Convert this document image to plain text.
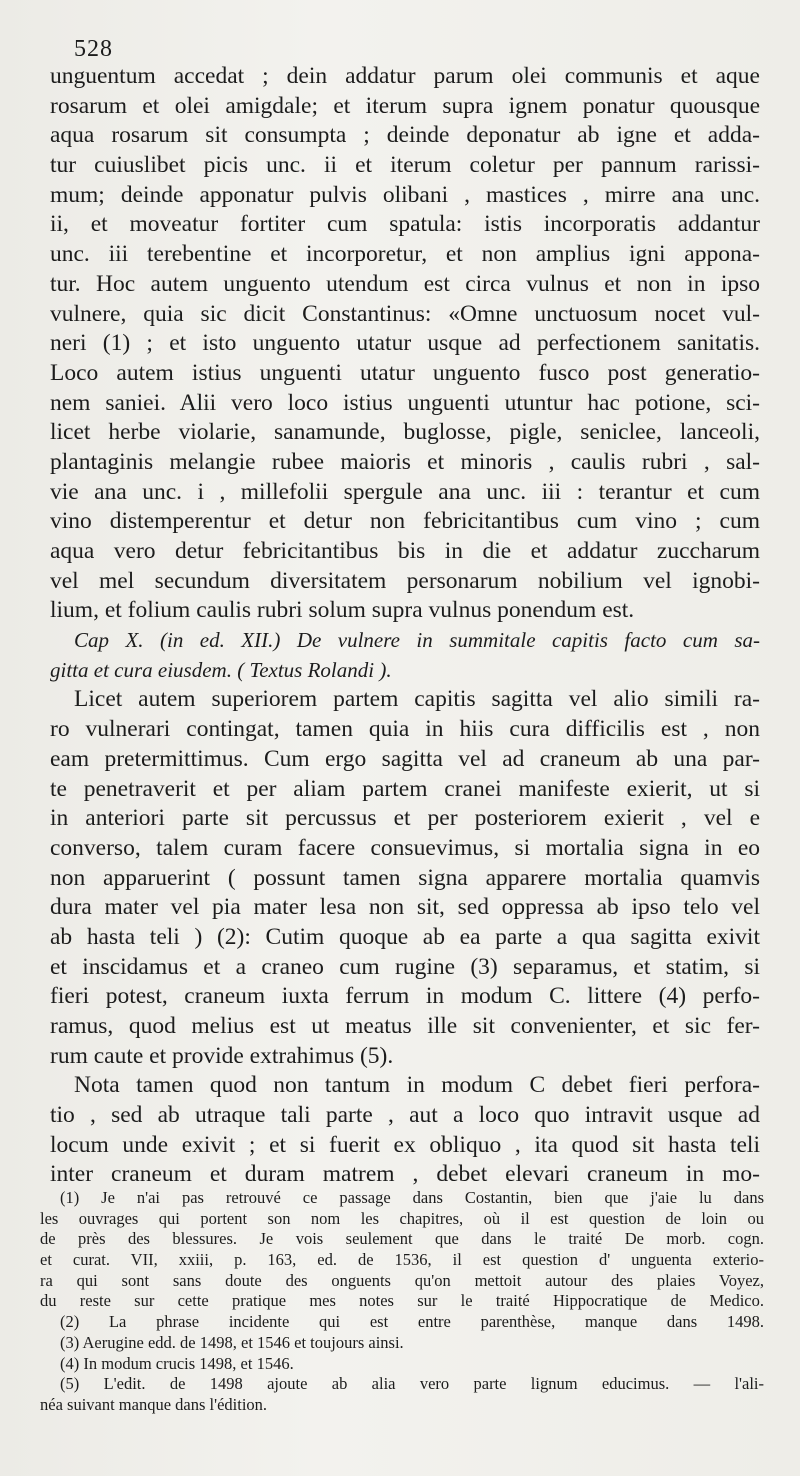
528
unguentum accedat ; dein addatur parum olei communis et aque
rosarum et olei amigdale; et iterum supra ignem ponatur quousque
aqua rosarum sit consumpta ; deinde deponatur ab igne et adda-
tur cuiuslibet picis unc. ii et iterum coletur per pannum rarissi-
mum; deinde apponatur pulvis olibani , mastices , mirre ana unc.
ii, et moveatur fortiter cum spatula: istis incorporatis addantur
unc. iii terebentine et incorporetur, et non amplius igni appona-
tur. Hoc autem unguento utendum est circa vulnus et non in ipso
vulnere, quia sic dicit Constantinus: «Omne unctuosum nocet vul-
neri (1) ; et isto unguento utatur usque ad perfectionem sanitatis.
Loco autem istius unguenti utatur unguento fusco post generatio-
nem saniei. Alii vero loco istius unguenti utuntur hac potione, sci-
licet herbe violarie, sanamunde, buglosse, pigle, seniclee, lanceoli,
plantaginis melangie rubee maioris et minoris , caulis rubri , sal-
vie ana unc. i , millefolii spergule ana unc. iii : terantur et cum
vino distemperentur et detur non febricitantibus cum vino ; cum
aqua vero detur febricitantibus bis in die et addatur zuccharum
vel mel secundum diversitatem personarum nobilium vel ignobi-
lium, et folium caulis rubri solum supra vulnus ponendum est.
Cap X. (in ed. XII.) De vulnere in summitale capitis facto cum sa-
gitta et cura eiusdem. ( Textus Rolandi ).
Licet autem superiorem partem capitis sagitta vel alio simili ra-
ro vulnerari contingat, tamen quia in hiis cura difficilis est , non
eam pretermittimus. Cum ergo sagitta vel ad craneum ab una par-
te penetraverit et per aliam partem cranei manifeste exierit, ut si
in anteriori parte sit percussus et per posteriorem exierit , vel e
converso, talem curam facere consuevimus, si mortalia signa in eo
non apparuerint ( possunt tamen signa apparere mortalia quamvis
dura mater vel pia mater lesa non sit, sed oppressa ab ipso telo vel
ab hasta teli ) (2): Cutim quoque ab ea parte a qua sagitta exivit
et inscidamus et a craneo cum rugine (3) separamus, et statim, si
fieri potest, craneum iuxta ferrum in modum C. littere (4) perfo-
ramus, quod melius est ut meatus ille sit convenienter, et sic fer-
rum caute et provide extrahimus (5).
Nota tamen quod non tantum in modum C debet fieri perfora-
tio , sed ab utraque tali parte , aut a loco quo intravit usque ad
locum unde exivit ; et si fuerit ex obliquo , ita quod sit hasta teli
inter craneum et duram matrem , debet elevari craneum in mo-
(1) Je n'ai pas retrouvé ce passage dans Costantin, bien que j'aie lu dans
les ouvrages qui portent son nom les chapitres, où il est question de loin ou
de près des blessures. Je vois seulement que dans le traité De morb. cogn.
et curat. VII, xxiii, p. 163, ed. de 1536, il est question d' unguenta exterio-
ra qui sont sans doute des onguents qu'on mettoit autour des plaies Voyez,
du reste sur cette pratique mes notes sur le traité Hippocratique de Medico.
(2) La phrase incidente qui est entre parenthèse, manque dans 1498.
(3) Aerugine edd. de 1498, et 1546 et toujours ainsi.
(4) In modum crucis 1498, et 1546.
(5) L'edit. de 1498 ajoute ab alia vero parte lignum educimus. — l'ali-
néa suivant manque dans l'édition.
